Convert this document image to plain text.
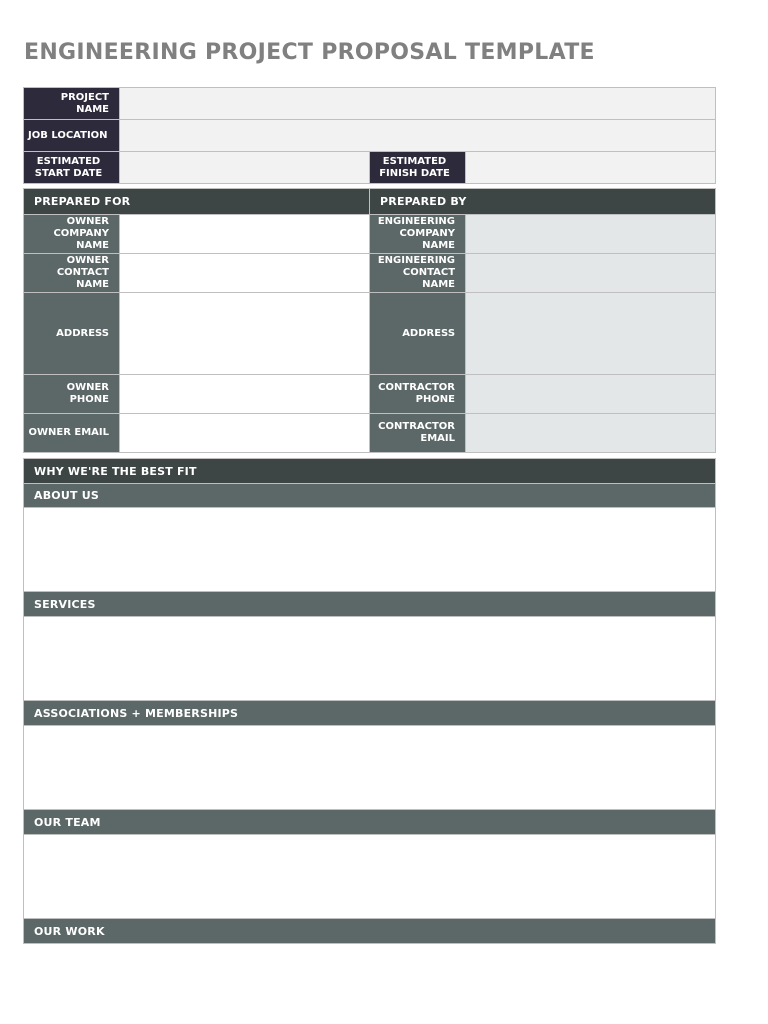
ENGINEERING PROJECT PROPOSAL TEMPLATE
PROJECT NAME			
JOB LOCATION			
ESTIMATED START DATE		ESTIMATED FINISH DATE	
PREPARED FOR		PREPARED BY	
OWNER COMPANY NAME		ENGINEERING COMPANY NAME	
OWNER CONTACT NAME		ENGINEERING CONTACT NAME	
ADDRESS		ADDRESS	
OWNER PHONE		CONTRACTOR PHONE	
OWNER EMAIL		CONTRACTOR EMAIL	
WHY WE'RE THE BEST FIT
ABOUT US

SERVICES

ASSOCIATIONS + MEMBERSHIPS

OUR TEAM

OUR WORK
